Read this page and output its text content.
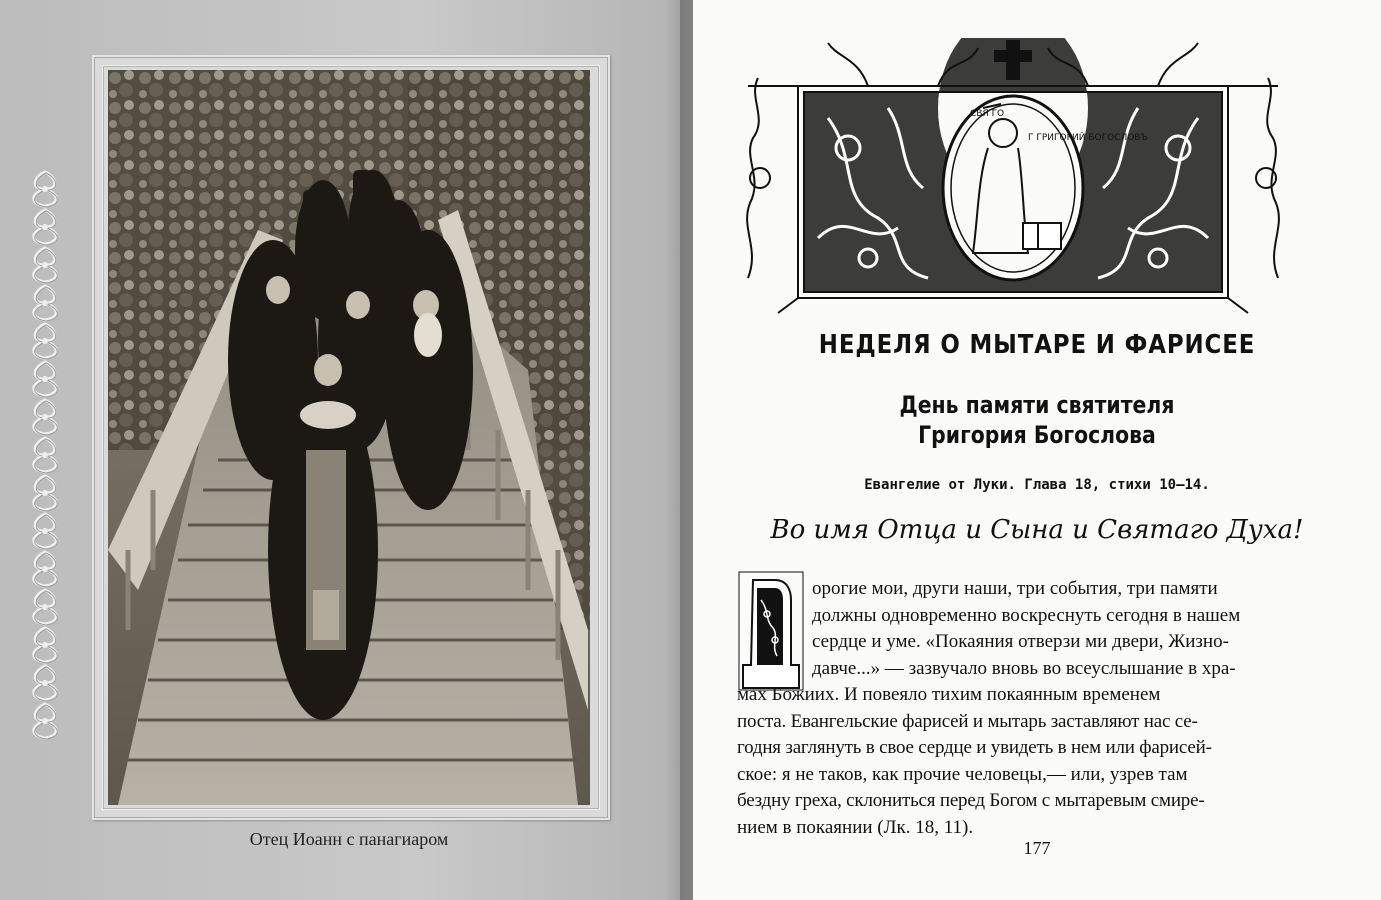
Отец Иоанн с панагиаром
СВЯ ГО
Г ГРИГОРИЙ БОГОСЛОВЪ
НЕДЕЛЯ О МЫТАРЕ И ФАРИСЕЕ
День памяти святителя
Григория Богослова
Евангелие от Луки. Глава 18, стихи 10–14.
Во имя Отца и Сына и Святаго Духа!
орогие мои, други наши, три события, три памяти
должны одновременно воскреснуть сегодня в нашем
сердце и уме. «Покаяния отверзи ми двери, Жизно-
давче...» — зазвучало вновь во всеуслышание в хра-
мах Божиих. И повеяло тихим покаянным временем
поста. Евангельские фарисей и мытарь заставляют нас се-
годня заглянуть в свое сердце и увидеть в нем или фарисей-
ское: я не таков, как прочие человецы,— или, узрев там
бездну греха, склониться перед Богом с мытаревым смире-
нием в покаянии (Лк. 18, 11).
177
